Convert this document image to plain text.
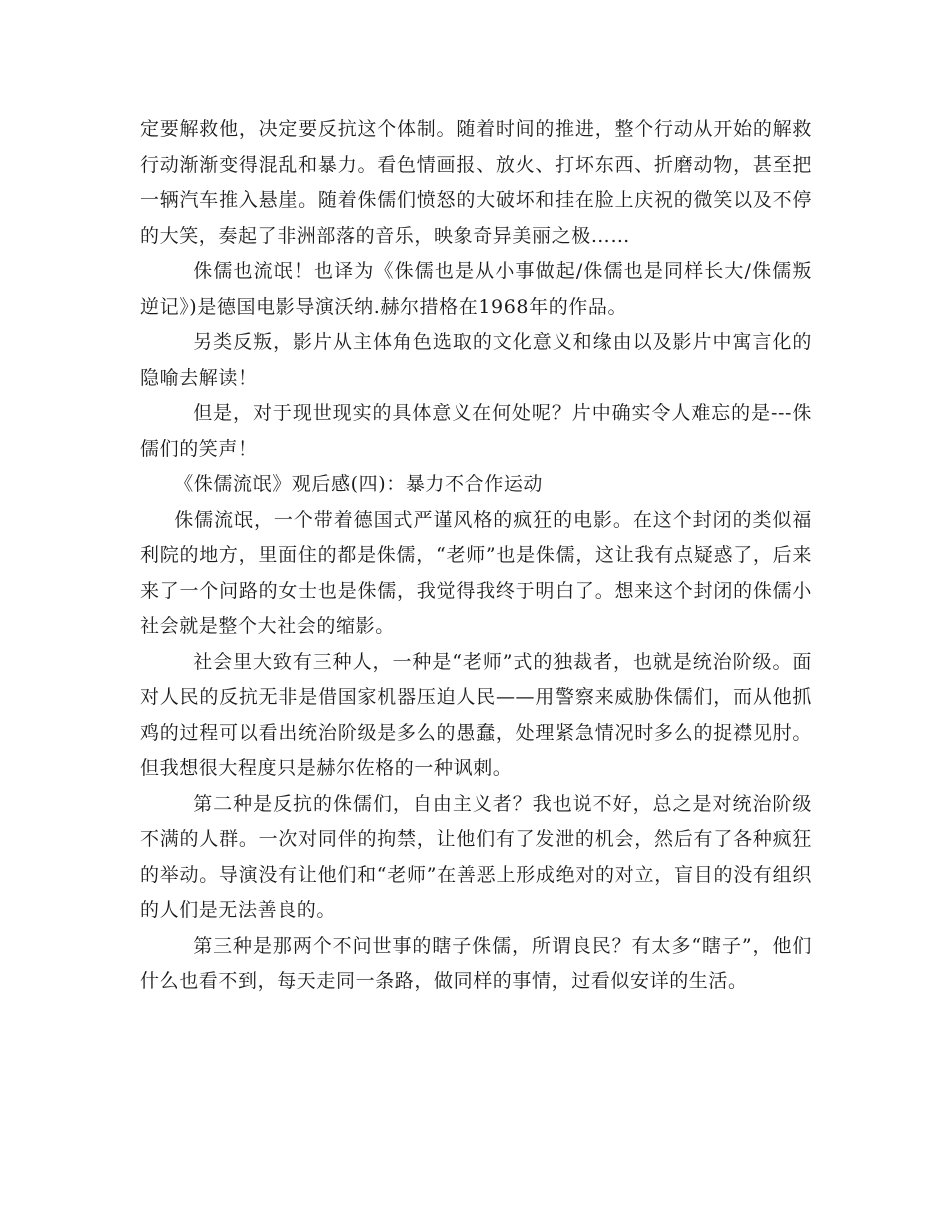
定要解救他，决定要反抗这个体制。随着时间的推进，整个行动从开始的解救行动渐渐变得混乱和暴力。看色情画报、放火、打坏东西、折磨动物，甚至把一辆汽车推入悬崖。随着侏儒们愤怒的大破坏和挂在脸上庆祝的微笑以及不停的大笑，奏起了非洲部落的音乐，映象奇异美丽之极……

侏儒也流氓！也译为《侏儒也是从小事做起/侏儒也是同样长大/侏儒叛逆记》)是德国电影导演沃纳.赫尔措格在1968年的作品。

另类反叛，影片从主体角色选取的文化意义和缘由以及影片中寓言化的隐喻去解读！

但是，对于现世现实的具体意义在何处呢？片中确实令人难忘的是---侏儒们的笑声！

《侏儒流氓》观后感(四)：暴力不合作运动

侏儒流氓，一个带着德国式严谨风格的疯狂的电影。在这个封闭的类似福利院的地方，里面住的都是侏儒，“老师”也是侏儒，这让我有点疑惑了，后来来了一个问路的女士也是侏儒，我觉得我终于明白了。想来这个封闭的侏儒小社会就是整个大社会的缩影。

社会里大致有三种人，一种是“老师”式的独裁者，也就是统治阶级。面对人民的反抗无非是借国家机器压迫人民——用警察来威胁侏儒们，而从他抓鸡的过程可以看出统治阶级是多么的愚蠢，处理紧急情况时多么的捉襟见肘。但我想很大程度只是赫尔佐格的一种讽刺。

第二种是反抗的侏儒们，自由主义者？我也说不好，总之是对统治阶级不满的人群。一次对同伴的拘禁，让他们有了发泄的机会，然后有了各种疯狂的举动。导演没有让他们和“老师”在善恶上形成绝对的对立，盲目的没有组织的人们是无法善良的。

第三种是那两个不问世事的瞎子侏儒，所谓良民？有太多“瞎子”，他们什么也看不到，每天走同一条路，做同样的事情，过看似安详的生活。
